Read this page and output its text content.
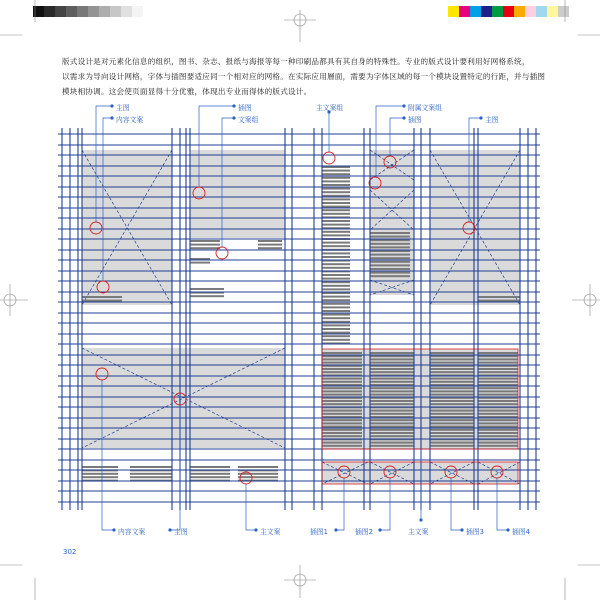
版式设计是对元素化信息的组织，图书、杂志、报纸与海报等每一种印刷品都具有其自身的特殊性。专业的版式设计要利用好网格系统，

以需求为导向设计网格，字体与插图要适应同一个相对应的网格。在实际应用層面，需要为字体区域的每一个模块设置特定的行距，并与插图

模块相协调。这会使页面显得十分优雅，体现出专业而得体的版式设计。

主图
内容文案
插图
文案组
主文案组	附属文案组
插图	主图
内容文案	主图	主文案	插图1	插图2	主文案	插图3	插图4
302
